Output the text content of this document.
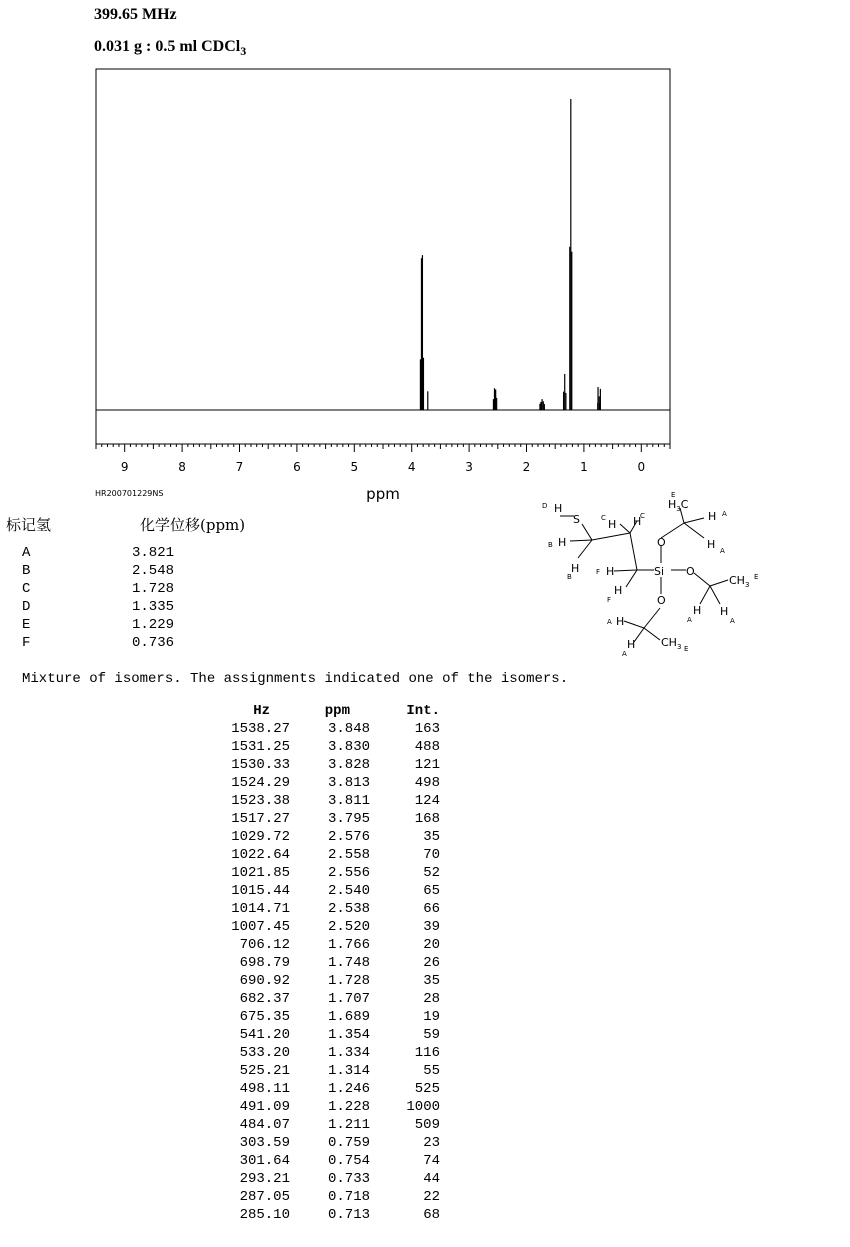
399.65 MHz
0.031 g : 0.5 ml CDCl$_3$
9	8	7	6	5	4	3	2	1	0
ppm
HR200701229NS
标记氢	化学位移(ppm)
A	3.821
B	2.548
C	1.728
D	1.335
E	1.229
F	0.736
Mixture of isomers. The assignments indicated one of the isomers.
Hz	ppm	Int.
1538.27	3.848	163
1531.25	3.830	488
1530.33	3.828	121
1524.29	3.813	498
1523.38	3.811	124
1517.27	3.795	168
1029.72	2.576	35
1022.64	2.558	70
1021.85	2.556	52
1015.44	2.540	65
1014.71	2.538	66
1007.45	2.520	39
706.12	1.766	20
698.79	1.748	26
690.92	1.728	35
682.37	1.707	28
675.35	1.689	19
541.20	1.354	59
533.20	1.334	116
525.21	1.314	55
498.11	1.246	525
491.09	1.228	1000
484.07	1.211	509
303.59	0.759	23
301.64	0.754	74
293.21	0.733	44
287.05	0.718	22
285.10	0.713	68
H
S
H
H
H H
H
H
Si
O
O
O
$H_3C$
H
H
$CH_3$
H H
H
H $CH_3$
D
B
B
C	C
F
F
E
A
A
E
A	A
A
A
E
